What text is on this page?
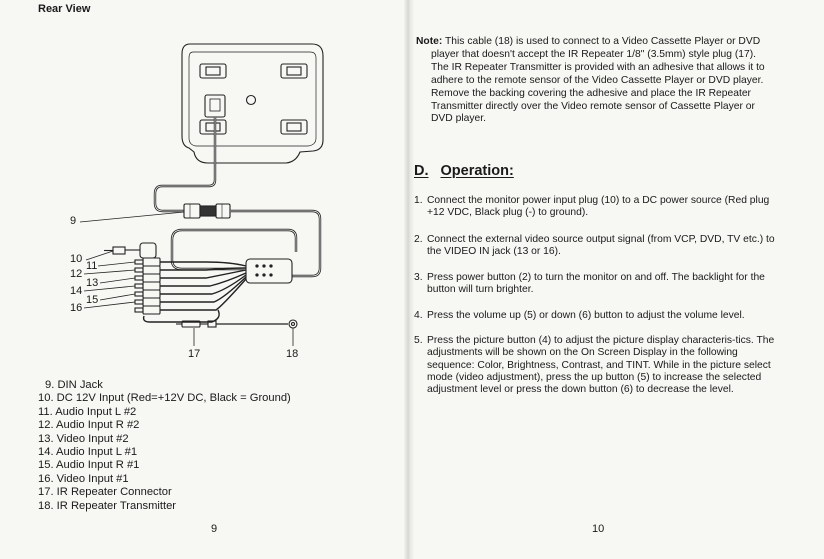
Rear View
9
10
11
12
13
14
15
16
17	18
9. DIN Jack
10. DC 12V Input (Red=+12V DC, Black = Ground)
11. Audio Input L #2
12. Audio Input R #2
13. Video Input #2
14. Audio Input L #1
15. Audio Input R #1
16. Video Input #1
17. IR Repeater Connector
18. IR Repeater Transmitter
9
Note: This cable (18) is used to connect to a Video Cassette Player or DVD player that doesn't accept the IR Repeater 1/8" (3.5mm) style plug (17). The IR Repeater Transmitter is provided with an adhesive that allows it to adhere to the remote sensor of the Video Cassette Player or DVD player. Remove the backing covering the adhesive and place the IR Repeater Transmitter directly over the Video remote sensor of Cassette Player or DVD player.
D. Operation:
1. Connect the monitor power input plug (10) to a DC power source (Red plug +12 VDC, Black plug (-) to ground).
2. Connect the external video source output signal (from VCP, DVD, TV etc.) to the VIDEO IN jack (13 or 16).
3. Press power button (2) to turn the monitor on and off. The backlight for the button will turn brighter.
4. Press the volume up (5) or down (6) button to adjust the volume level.
5. Press the picture button (4) to adjust the picture display characteris-tics. The adjustments will be shown on the On Screen Display in the following sequence: Color, Brightness, Contrast, and TINT. While in the picture select mode (video adjustment), press the up button (5) to increase the selected adjustment level or press the down button (6) to decrease the level.
10
